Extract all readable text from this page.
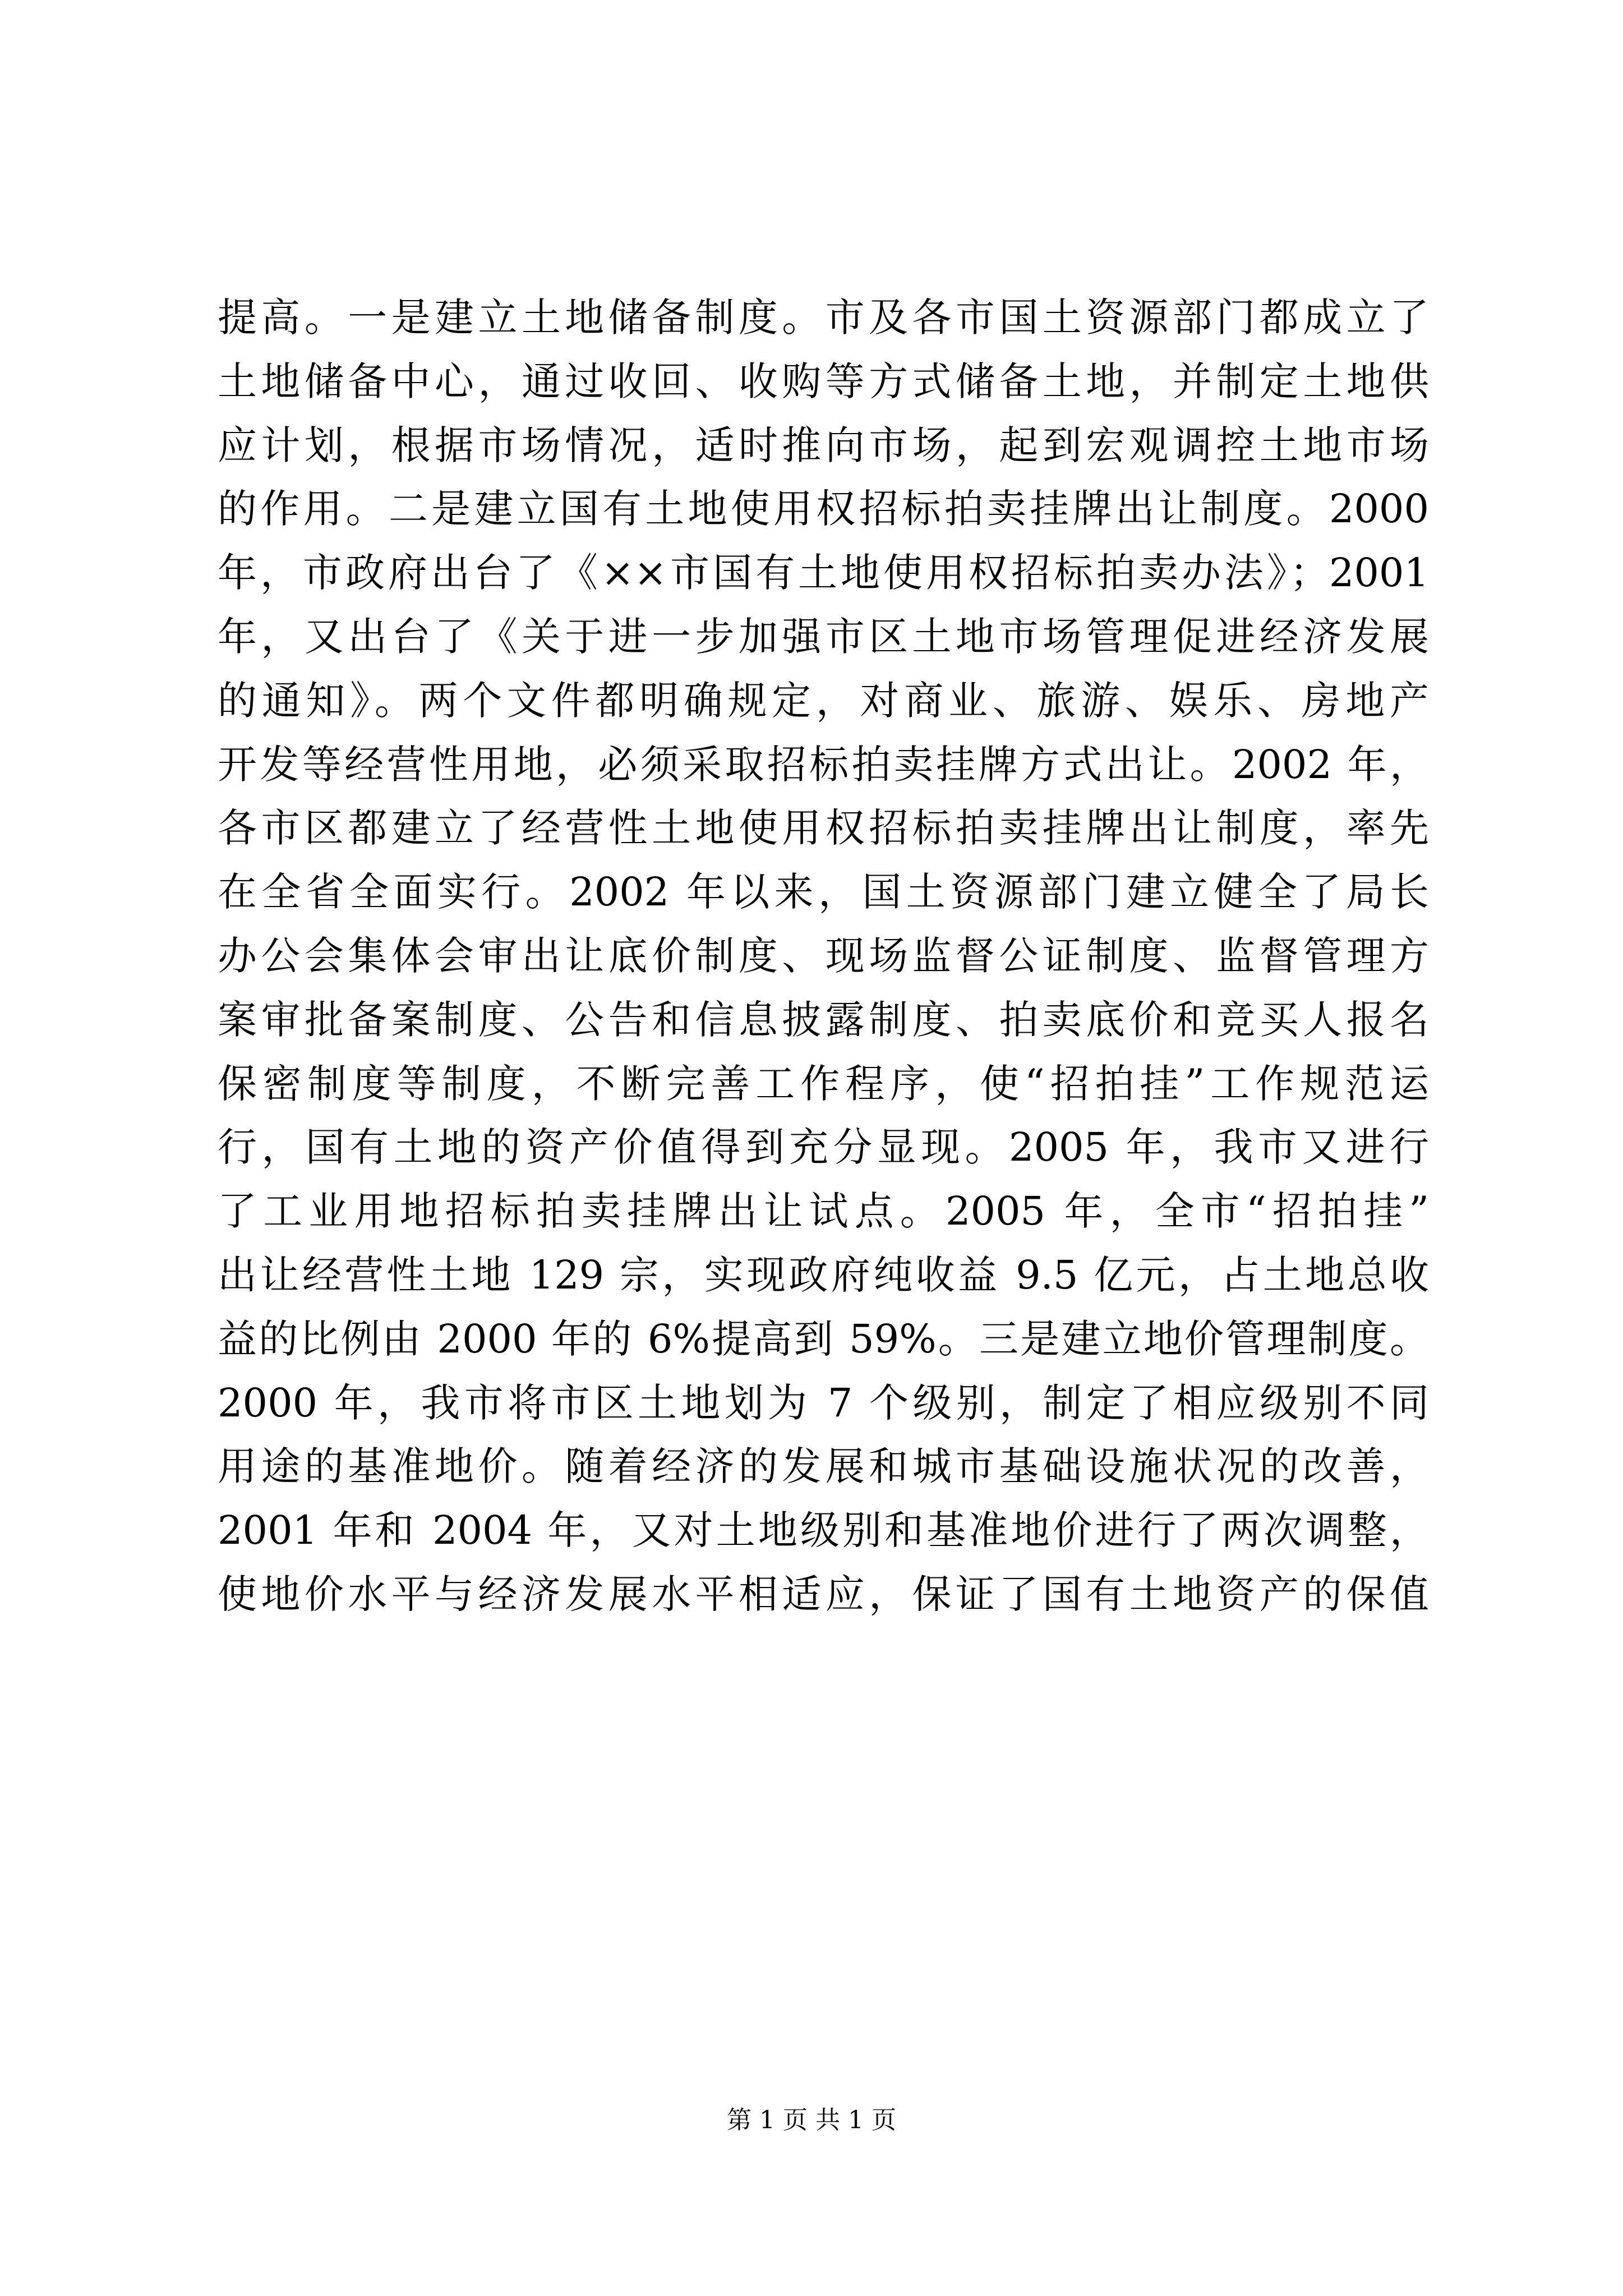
提高。一是建立土地储备制度。市及各市国土资源部门都成立了
土地储备中心，通过收回、收购等方式储备土地，并制定土地供
应计划，根据市场情况，适时推向市场，起到宏观调控土地市场
的作用。二是建立国有土地使用权招标拍卖挂牌出让制度。2000
年，市政府出台了《××市国有土地使用权招标拍卖办法》；2001
年，又出台了《关于进一步加强市区土地市场管理促进经济发展
的通知》。两个文件都明确规定，对商业、旅游、娱乐、房地产
开发等经营性用地，必须采取招标拍卖挂牌方式出让。2002 年，
各市区都建立了经营性土地使用权招标拍卖挂牌出让制度，率先
在全省全面实行。2002 年以来，国土资源部门建立健全了局长
办公会集体会审出让底价制度、现场监督公证制度、监督管理方
案审批备案制度、公告和信息披露制度、拍卖底价和竞买人报名
保密制度等制度，不断完善工作程序，使“招拍挂”工作规范运
行，国有土地的资产价值得到充分显现。2005 年，我市又进行
了工业用地招标拍卖挂牌出让试点。2005 年，全市“招拍挂”
出让经营性土地 129 宗，实现政府纯收益 9.5 亿元，占土地总收
益的比例由 2000 年的 6%提高到 59%。三是建立地价管理制度。
2000 年，我市将市区土地划为 7 个级别，制定了相应级别不同
用途的基准地价。随着经济的发展和城市基础设施状况的改善，
2001 年和 2004 年，又对土地级别和基准地价进行了两次调整，
使地价水平与经济发展水平相适应，保证了国有土地资产的保值
第 1 页 共 1 页
